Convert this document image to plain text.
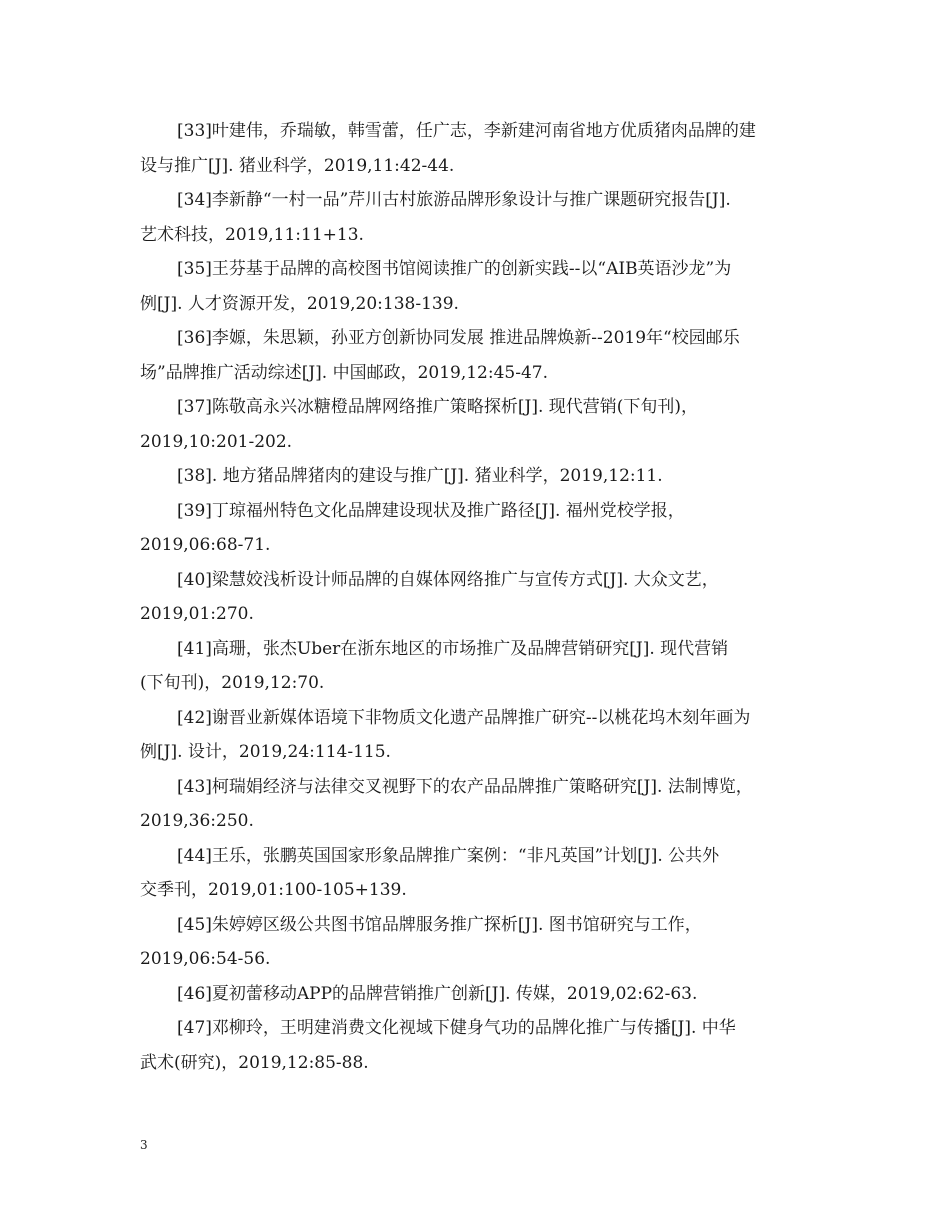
[33]叶建伟，乔瑞敏，韩雪蕾，任广志，李新建河南省地方优质猪肉品牌的建
设与推广[J]. 猪业科学，2019,11:42-44.
[34]李新静“一村一品”芹川古村旅游品牌形象设计与推广课题研究报告[J].
艺术科技，2019,11:11+13.
[35]王芬基于品牌的高校图书馆阅读推广的创新实践--以“AIB英语沙龙”为
例[J]. 人才资源开发，2019,20:138-139.
[36]李嫄，朱思颖，孙亚方创新协同发展 推进品牌焕新--2019年“校园邮乐
场”品牌推广活动综述[J]. 中国邮政，2019,12:45-47.
[37]陈敬高永兴冰糖橙品牌网络推广策略探析[J]. 现代营销(下旬刊)，
2019,10:201-202.
[38]. 地方猪品牌猪肉的建设与推广[J]. 猪业科学，2019,12:11.
[39]丁琼福州特色文化品牌建设现状及推广路径[J]. 福州党校学报，
2019,06:68-71.
[40]梁慧姣浅析设计师品牌的自媒体网络推广与宣传方式[J]. 大众文艺，
2019,01:270.
[41]高珊，张杰Uber在浙东地区的市场推广及品牌营销研究[J]. 现代营销
(下旬刊)，2019,12:70.
[42]谢晋业新媒体语境下非物质文化遗产品牌推广研究--以桃花坞木刻年画为
例[J]. 设计，2019,24:114-115.
[43]柯瑞娟经济与法律交叉视野下的农产品品牌推广策略研究[J]. 法制博览，
2019,36:250.
[44]王乐，张鹏英国国家形象品牌推广案例：“非凡英国”计划[J]. 公共外
交季刊，2019,01:100-105+139.
[45]朱婷婷区级公共图书馆品牌服务推广探析[J]. 图书馆研究与工作，
2019,06:54-56.
[46]夏初蕾移动APP的品牌营销推广创新[J]. 传媒，2019,02:62-63.
[47]邓柳玲，王明建消费文化视域下健身气功的品牌化推广与传播[J]. 中华
武术(研究)，2019,12:85-88.
3
